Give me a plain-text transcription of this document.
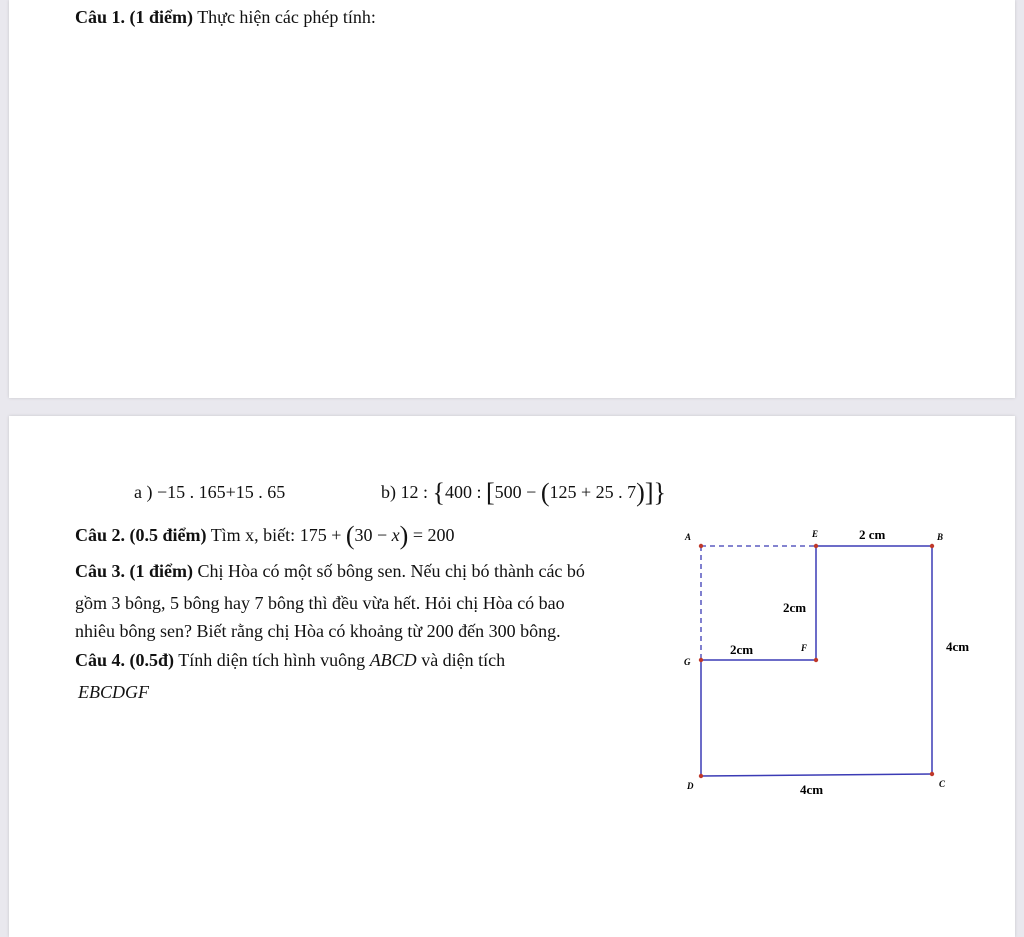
Câu 1. (1 điểm) Thực hiện các phép tính:
a ) −15 . 165+15 . 65	b) 12 : {400 : [500 − (125 + 25 . 7)]}
Câu 2. (0.5 điểm) Tìm x, biết: 175 + (30 − x) = 200
Câu 3. (1 điểm) Chị Hòa có một số bông sen. Nếu chị bó thành các bó
gồm 3 bông, 5 bông hay 7 bông thì đều vừa hết. Hỏi chị Hòa có bao
nhiêu bông sen? Biết rằng chị Hòa có khoảng từ 200 đến 300 bông.
Câu 4. (0.5đ) Tính diện tích hình vuông ABCD và diện tích
EBCDGF
A	E	B
C
D
G
F
2 cm
2cm
2cm	4cm
4cm
